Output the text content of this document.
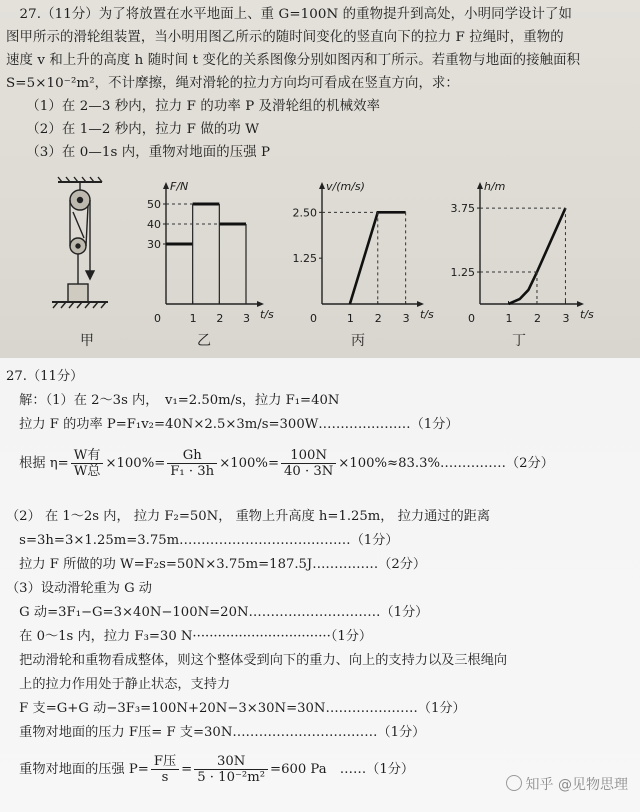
　27.（11分）为了将放置在水平地面上、重 G=100N 的重物提升到高处，小明同学设计了如
图甲所示的滑轮组装置，当小明用图乙所示的随时间变化的竖直向下的拉力 F 拉绳时，重物的
速度 v 和上升的高度 h 随时间 t 变化的关系图像分别如图丙和丁所示。若重物与地面的接触面积
S=5×10⁻²m²，不计摩擦，绳对滑轮的拉力方向均可看成在竖直方向，求：
　　（1）在 2—3 秒内，拉力 F 的功率 P 及滑轮组的机械效率
　　（2）在 1—2 秒内，拉力 F 做的功 W
　　（3）在 0—1s 内，重物对地面的压强 P
F/N
t/s
0	1 2 3
30
40
50
v/(m/s)
t/s
0	1 2 3
1.25
2.50
h/m
t/s
0	1 2 3
1.25
3.75
甲	乙	丙	丁
27.（11分）
　解：（1）在 2～3s 内，　v₁=2.50m/s，拉力 F₁=40N
　拉力 F 的功率 P=F₁v₂=40N×2.5×3m/s=300W…………………（1分）
　根据 $\eta= \frac{\text{W有}}{\text{W总}} \times 100\%= \frac{Gh}{\text{F₁ · 3h}} \times 100\%= \frac{100N}{40 \cdot 3N}$ ×100%≈83.3%……………（2分）
（2） 在 1～2s 内， 拉力 F₂=50N， 重物上升高度 h=1.25m， 拉力通过的距离
　s=3h=3×1.25m=3.75m…………………………………（1分）
　拉力 F 所做的功 W=F₂s=50N×3.75m=187.5J……………（2分）
（3）设动滑轮重为 G 动
　G 动=3F₁−G=3×40N−100N=20N…………………………（1分）
　在 0～1s 内，拉力 F₃=30 N·································（1分）
　把动滑轮和重物看成整体，则这个整体受到向下的重力、向上的支持力以及三根绳向
　上的拉力作用处于静止状态，支持力
　F 支=G+G 动−3F₃=100N+20N−3×30N=30N…………………（1分）
　重物对地面的压力 F压= F 支=30N……………………………（1分）
　重物对地面的压强 $P= \frac{\text{F压}}{s} = \frac{30N}{\text{5 · 10⁻²m²}} =600$ Pa　……（1分）
知乎 @见物思理
